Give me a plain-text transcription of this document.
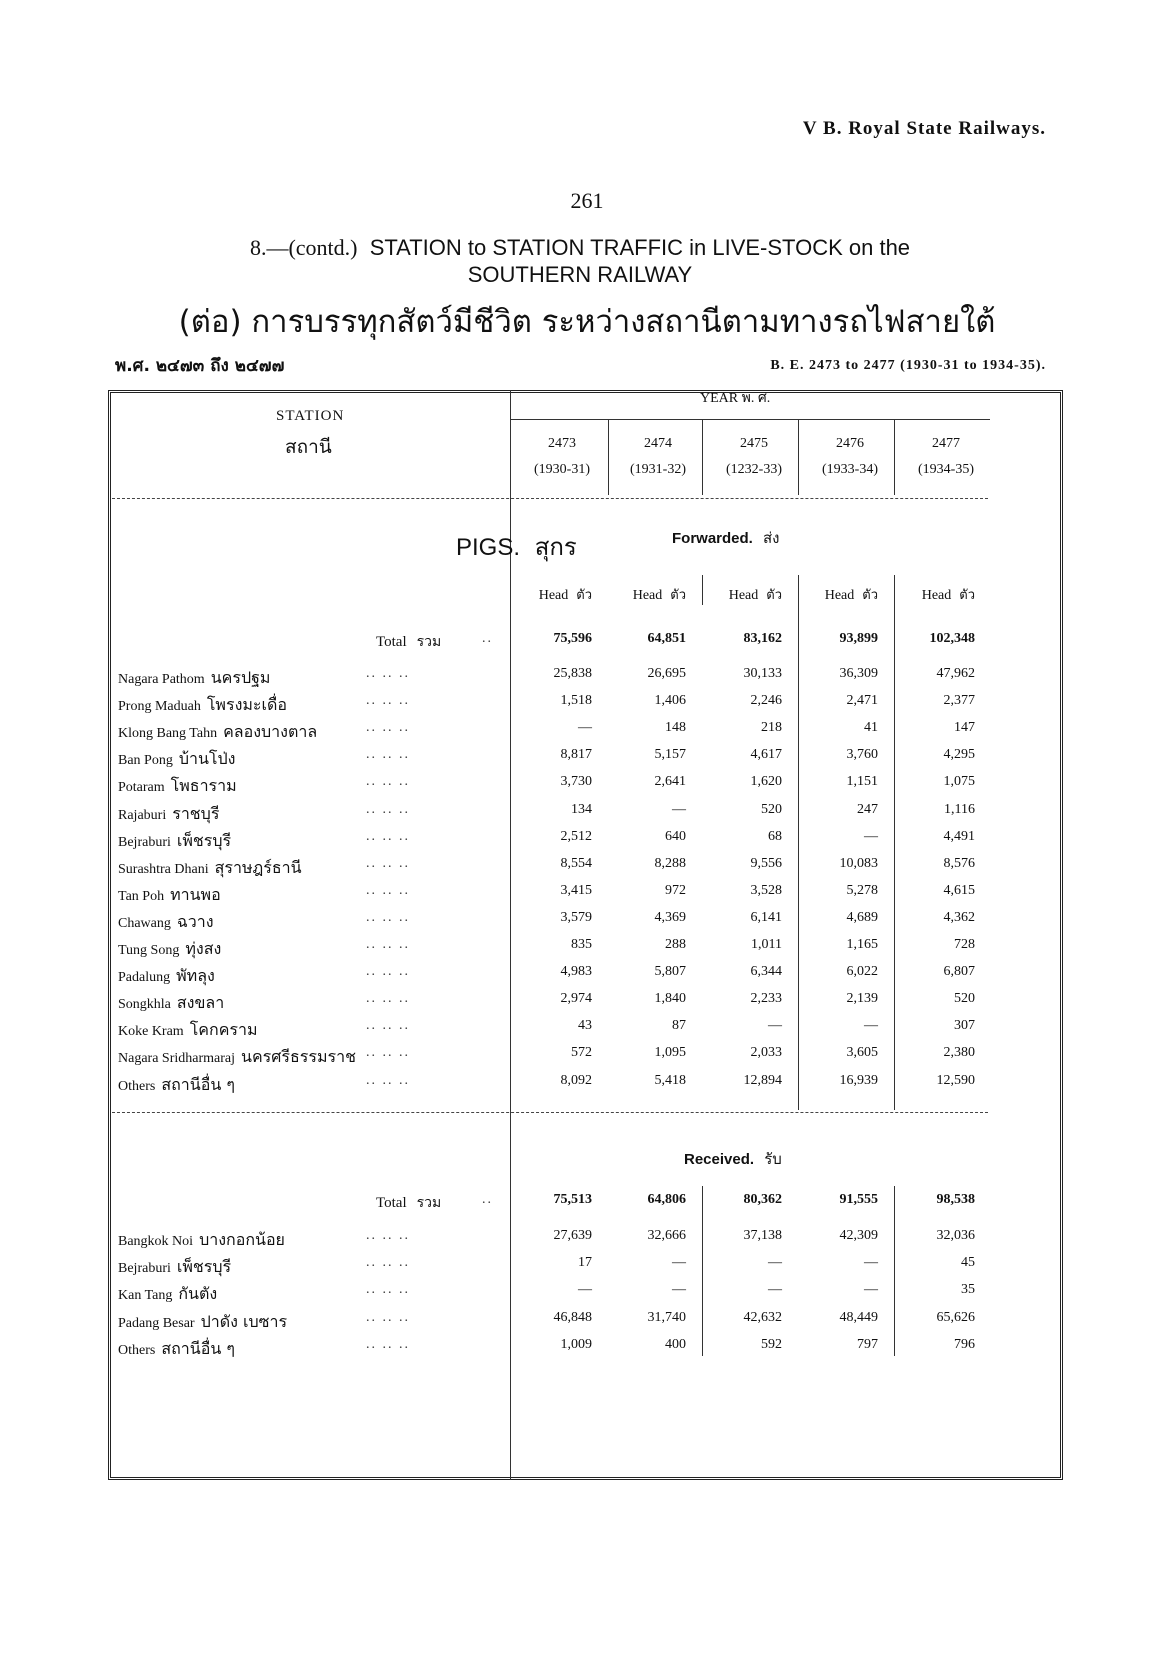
V B. Royal State Railways.
261
8.—(contd.) STATION to STATION TRAFFIC in LIVE-STOCK on the
SOUTHERN RAILWAY
(ต่อ) การบรรทุกสัตว์มีชีวิต ระหว่างสถานีตามทางรถไฟสายใต้
พ.ศ. ๒๔๗๓ ถึง ๒๔๗๗	B. E. 2473 to 2477 (1930-31 to 1934-35).
STATION
สถานี
YEAR พ. ศ.
2473
(1930-31)
2474
(1931-32)
2475
(1232-33)
2476
(1933-34)
2477
(1934-35)
PIGS. สุกร	Forwarded. ส่ง
Head ตัว	Head ตัว	Head ตัว	Head ตัว	Head ตัว
Total รวม	..	75,596	64,851	83,162	93,899	102,348
Nagara Pathom นครปฐม	.. .. ..	25,838	26,695	30,133	36,309	47,962
Prong Maduah โพรงมะเดื่อ	.. .. ..	1,518	1,406	2,246	2,471	2,377
Klong Bang Tahn คลองบางตาล	.. .. ..	—	148	218	41	147
Ban Pong บ้านโป่ง	.. .. ..	8,817	5,157	4,617	3,760	4,295
Potaram โพธาราม	.. .. ..	3,730	2,641	1,620	1,151	1,075
Rajaburi ราชบุรี	.. .. ..	134	—	520	247	1,116
Bejraburi เพ็ชรบุรี	.. .. ..	2,512	640	68	—	4,491
Surashtra Dhani สุราษฎร์ธานี	.. .. ..	8,554	8,288	9,556	10,083	8,576
Tan Poh ทานพอ	.. .. ..	3,415	972	3,528	5,278	4,615
Chawang ฉวาง	.. .. ..	3,579	4,369	6,141	4,689	4,362
Tung Song ทุ่งสง	.. .. ..	835	288	1,011	1,165	728
Padalung พัทลุง	.. .. ..	4,983	5,807	6,344	6,022	6,807
Songkhla สงขลา	.. .. ..	2,974	1,840	2,233	2,139	520
Koke Kram โคกคราม	.. .. ..	43	87	—	—	307
Nagara Sridharmaraj นครศรีธรรมราช .. .. ..	572	1,095	2,033	3,605	2,380
Others สถานีอื่น ๆ	.. .. ..	8,092	5,418	12,894	16,939	12,590
Received. รับ
Total รวม	..	75,513	64,806	80,362	91,555	98,538
Bangkok Noi บางกอกน้อย	.. .. ..	27,639	32,666	37,138	42,309	32,036
Bejraburi เพ็ชรบุรี	.. .. ..	17	—	—	—	45
Kan Tang กันตัง	.. .. ..	—	—	—	—	35
Padang Besar ปาดัง เบซาร	.. .. ..	46,848	31,740	42,632	48,449	65,626
Others สถานีอื่น ๆ	.. .. ..	1,009	400	592	797	796
